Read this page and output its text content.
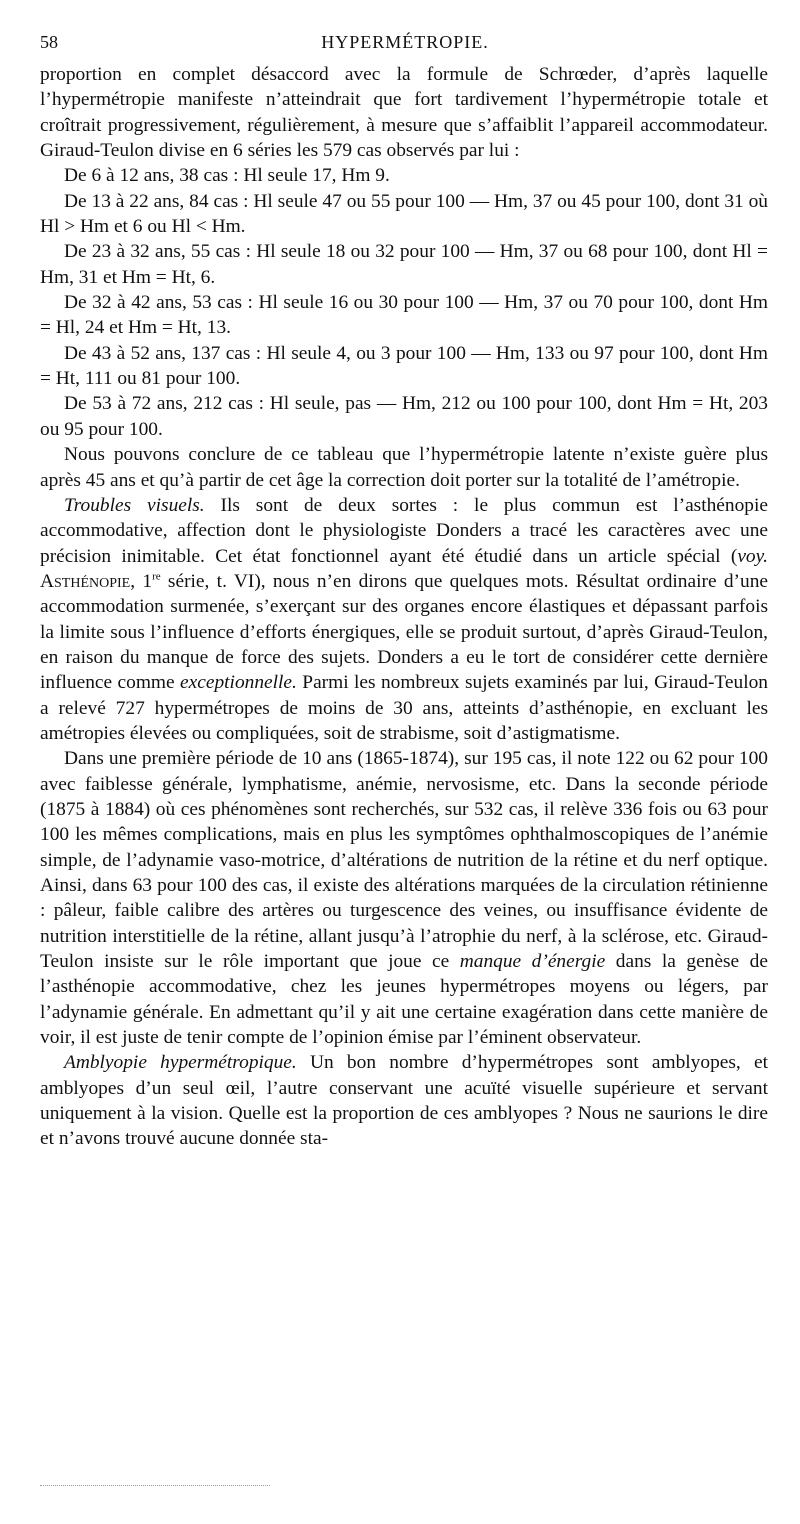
58	HYPERMÉTROPIE.

proportion en complet désaccord avec la formule de Schrœder, d’après laquelle l’hypermétropie manifeste n’atteindrait que fort tardivement l’hypermétropie totale et croîtrait progressivement, régulièrement, à mesure que s’affaiblit l’appareil accommodateur. Giraud-Teulon divise en 6 séries les 579 cas observés par lui :

De 6 à 12 ans, 38 cas : Hl seule 17, Hm 9.

De 13 à 22 ans, 84 cas : Hl seule 47 ou 55 pour 100 — Hm, 37 ou 45 pour 100, dont 31 où Hl > Hm et 6 ou Hl < Hm.

De 23 à 32 ans, 55 cas : Hl seule 18 ou 32 pour 100 — Hm, 37 ou 68 pour 100, dont Hl = Hm, 31 et Hm = Ht, 6.

De 32 à 42 ans, 53 cas : Hl seule 16 ou 30 pour 100 — Hm, 37 ou 70 pour 100, dont Hm = Hl, 24 et Hm = Ht, 13.

De 43 à 52 ans, 137 cas : Hl seule 4, ou 3 pour 100 — Hm, 133 ou 97 pour 100, dont Hm = Ht, 111 ou 81 pour 100.

De 53 à 72 ans, 212 cas : Hl seule, pas — Hm, 212 ou 100 pour 100, dont Hm = Ht, 203 ou 95 pour 100.

Nous pouvons conclure de ce tableau que l’hypermétropie latente n’existe guère plus après 45 ans et qu’à partir de cet âge la correction doit porter sur la totalité de l’amétropie.

Troubles visuels. Ils sont de deux sortes : le plus commun est l’asthénopie accommodative, affection dont le physiologiste Donders a tracé les caractères avec une précision inimitable. Cet état fonctionnel ayant été étudié dans un article spécial (voy. Asthénopie, 1re série, t. VI), nous n’en dirons que quelques mots. Résultat ordinaire d’une accommodation surmenée, s’exerçant sur des organes encore élastiques et dépassant parfois la limite sous l’influence d’efforts énergiques, elle se produit surtout, d’après Giraud-Teulon, en raison du manque de force des sujets. Donders a eu le tort de considérer cette dernière influence comme exceptionnelle. Parmi les nombreux sujets examinés par lui, Giraud-Teulon a relevé 727 hypermétropes de moins de 30 ans, atteints d’asthénopie, en excluant les amétropies élevées ou compliquées, soit de strabisme, soit d’astigmatisme.

Dans une première période de 10 ans (1865-1874), sur 195 cas, il note 122 ou 62 pour 100 avec faiblesse générale, lymphatisme, anémie, nervosisme, etc. Dans la seconde période (1875 à 1884) où ces phénomènes sont recherchés, sur 532 cas, il relève 336 fois ou 63 pour 100 les mêmes complications, mais en plus les symptômes ophthalmoscopiques de l’anémie simple, de l’adynamie vaso-motrice, d’altérations de nutrition de la rétine et du nerf optique. Ainsi, dans 63 pour 100 des cas, il existe des altérations marquées de la circulation rétinienne : pâleur, faible calibre des artères ou turgescence des veines, ou insuffisance évidente de nutrition interstitielle de la rétine, allant jusqu’à l’atrophie du nerf, à la sclérose, etc. Giraud-Teulon insiste sur le rôle important que joue ce manque d’énergie dans la genèse de l’asthénopie accommodative, chez les jeunes hypermétropes moyens ou légers, par l’adynamie générale. En admettant qu’il y ait une certaine exagération dans cette manière de voir, il est juste de tenir compte de l’opinion émise par l’éminent observateur.

Amblyopie hypermétropique. Un bon nombre d’hypermétropes sont amblyopes, et amblyopes d’un seul œil, l’autre conservant une acuïté visuelle supérieure et servant uniquement à la vision. Quelle est la proportion de ces amblyopes ? Nous ne saurions le dire et n’avons trouvé aucune donnée sta-
